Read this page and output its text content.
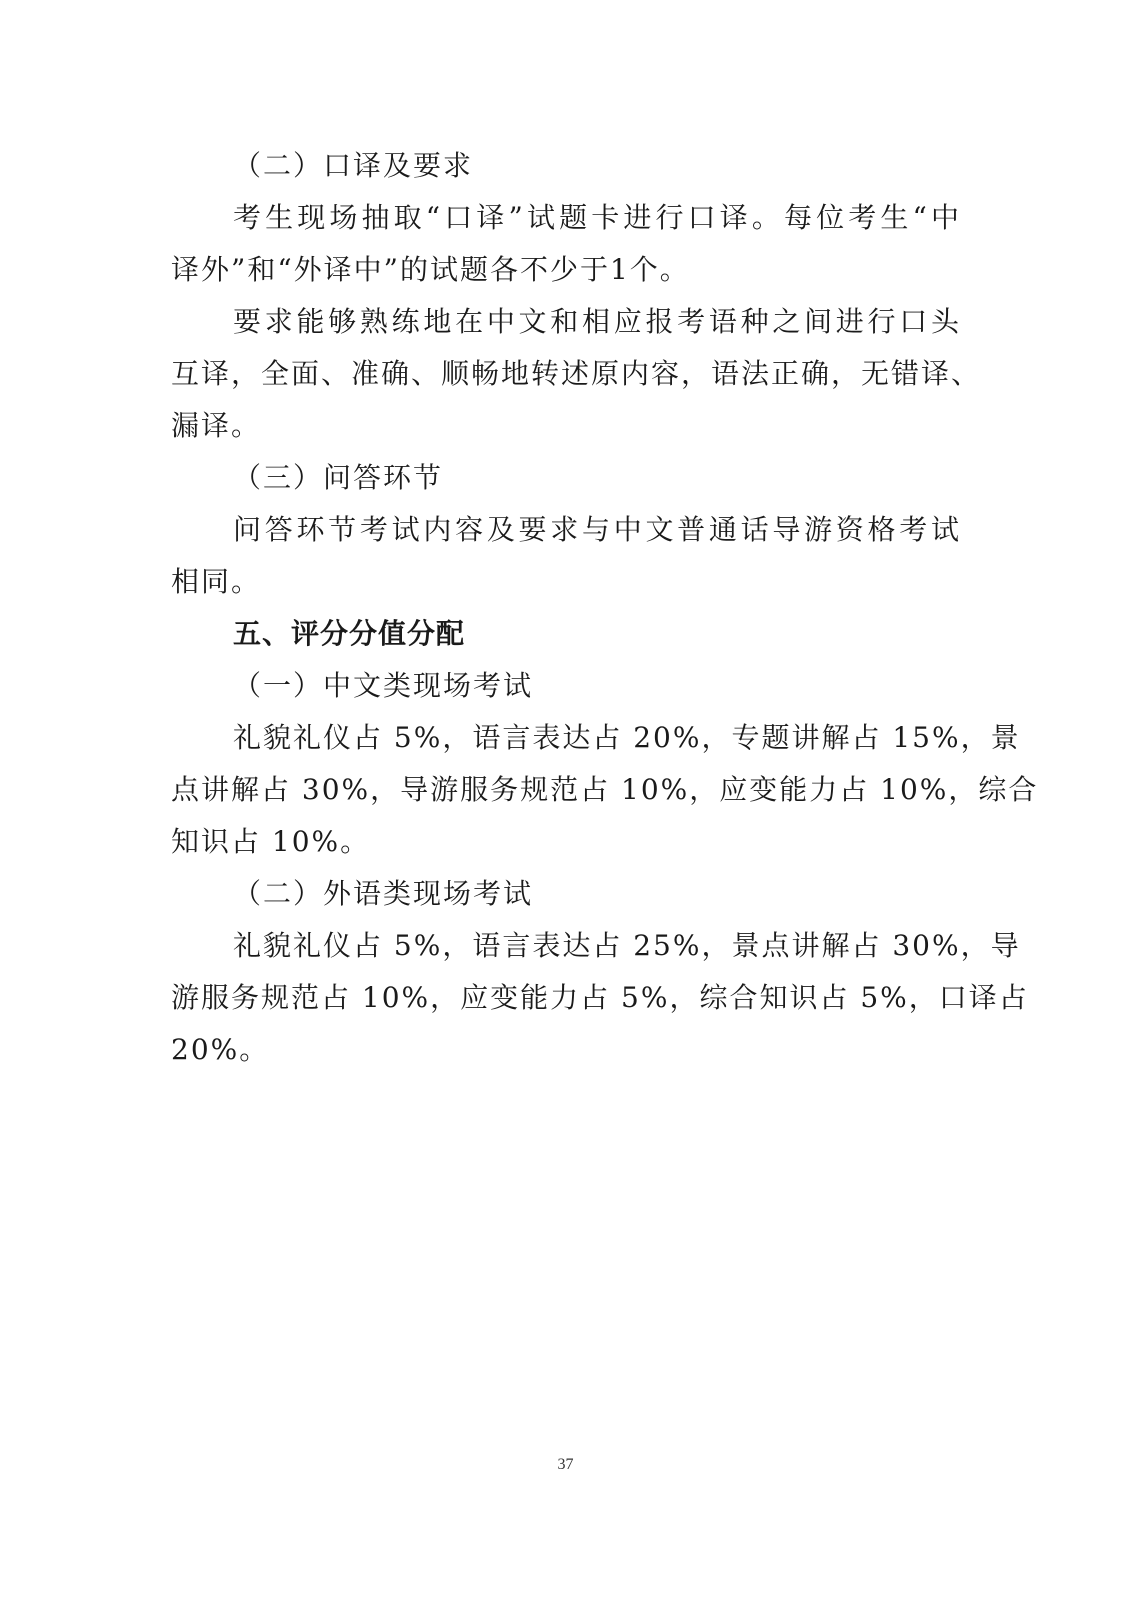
（二）口译及要求
考生现场抽取“口译”试题卡进行口译。每位考生“中
译外”和“外译中”的试题各不少于1个。
要求能够熟练地在中文和相应报考语种之间进行口头
互译，全面、准确、顺畅地转述原内容，语法正确，无错译、
漏译。
（三）问答环节
问答环节考试内容及要求与中文普通话导游资格考试
相同。
五、评分分值分配
（一）中文类现场考试
礼貌礼仪占 5%，语言表达占 20%，专题讲解占 15%，景
点讲解占 30%，导游服务规范占 10%，应变能力占 10%，综合
知识占 10%。
（二）外语类现场考试
礼貌礼仪占 5%，语言表达占 25%，景点讲解占 30%，导
游服务规范占 10%，应变能力占 5%，综合知识占 5%，口译占
20%。
37
